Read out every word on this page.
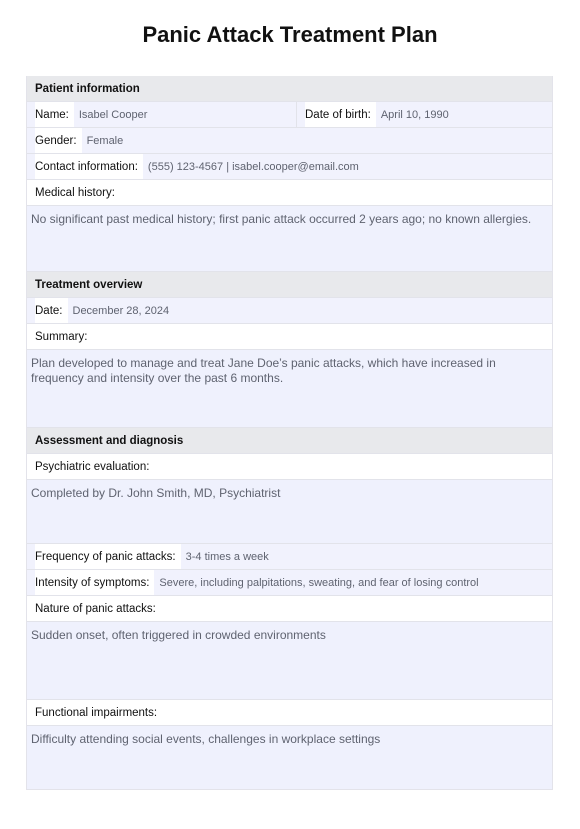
Panic Attack Treatment Plan
Patient information
Name: Isabel Cooper	Date of birth: April 10, 1990
Gender: Female
Contact information: (555) 123-4567 | isabel.cooper@email.com
Medical history:
No significant past medical history; first panic attack occurred 2 years ago; no known allergies.
Treatment overview
Date: December 28, 2024
Summary:
Plan developed to manage and treat Jane Doe’s panic attacks, which have increased in frequency and intensity over the past 6 months.
Assessment and diagnosis
Psychiatric evaluation:
Completed by Dr. John Smith, MD, Psychiatrist
Frequency of panic attacks: 3-4 times a week
Intensity of symptoms: Severe, including palpitations, sweating, and fear of losing control
Nature of panic attacks:
Sudden onset, often triggered in crowded environments
Functional impairments:
Difficulty attending social events, challenges in workplace settings
